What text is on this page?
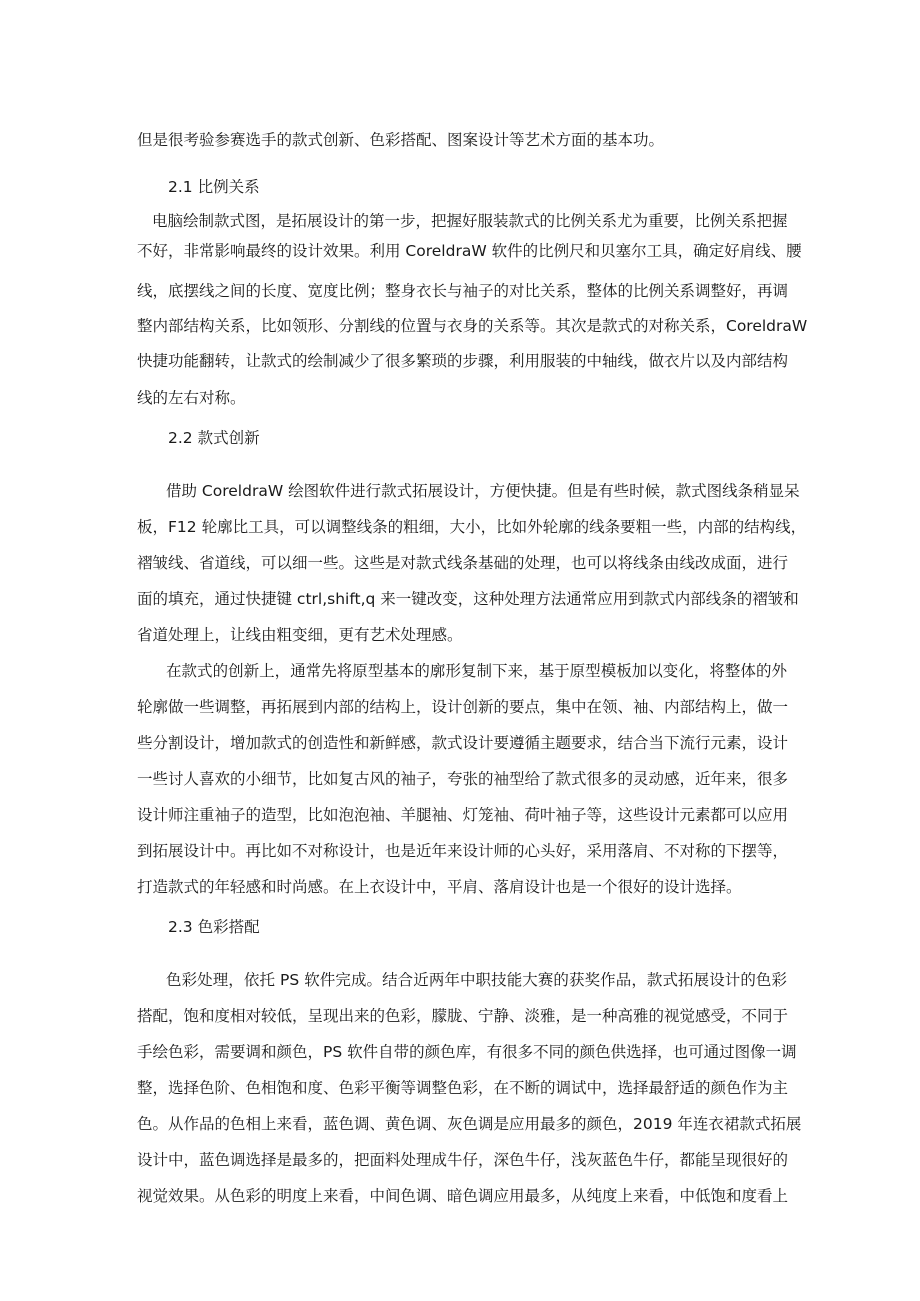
但是很考验参赛选手的款式创新、色彩搭配、图案设计等艺术方面的基本功。
2.1 比例关系
电脑绘制款式图，是拓展设计的第一步，把握好服装款式的比例关系尤为重要，比例关系把握
不好，非常影响最终的设计效果。利用 CoreldraW 软件的比例尺和贝塞尔工具，确定好肩线、腰
线，底摆线之间的长度、宽度比例；整身衣长与袖子的对比关系，整体的比例关系调整好，再调
整内部结构关系，比如领形、分割线的位置与衣身的关系等。其次是款式的对称关系，CoreldraW
快捷功能翻转，让款式的绘制减少了很多繁琐的步骤，利用服装的中轴线，做衣片以及内部结构
线的左右对称。
2.2 款式创新
借助 CoreldraW 绘图软件进行款式拓展设计，方便快捷。但是有些时候，款式图线条稍显呆
板，F12 轮廓比工具，可以调整线条的粗细，大小，比如外轮廓的线条要粗一些，内部的结构线，
褶皱线、省道线，可以细一些。这些是对款式线条基础的处理，也可以将线条由线改成面，进行
面的填充，通过快捷键 ctrl,shift,q 来一键改变，这种处理方法通常应用到款式内部线条的褶皱和
省道处理上，让线由粗变细，更有艺术处理感。
在款式的创新上，通常先将原型基本的廓形复制下来，基于原型模板加以变化，将整体的外
轮廓做一些调整，再拓展到内部的结构上，设计创新的要点，集中在领、袖、内部结构上，做一
些分割设计，增加款式的创造性和新鲜感，款式设计要遵循主题要求，结合当下流行元素，设计
一些讨人喜欢的小细节，比如复古风的袖子，夸张的袖型给了款式很多的灵动感，近年来，很多
设计师注重袖子的造型，比如泡泡袖、羊腿袖、灯笼袖、荷叶袖子等，这些设计元素都可以应用
到拓展设计中。再比如不对称设计，也是近年来设计师的心头好，采用落肩、不对称的下摆等，
打造款式的年轻感和时尚感。在上衣设计中，平肩、落肩设计也是一个很好的设计选择。
2.3 色彩搭配
色彩处理，依托 PS 软件完成。结合近两年中职技能大赛的获奖作品，款式拓展设计的色彩
搭配，饱和度相对较低，呈现出来的色彩，朦胧、宁静、淡雅，是一种高雅的视觉感受，不同于
手绘色彩，需要调和颜色，PS 软件自带的颜色库，有很多不同的颜色供选择，也可通过图像一调
整，选择色阶、色相饱和度、色彩平衡等调整色彩，在不断的调试中，选择最舒适的颜色作为主
色。从作品的色相上来看，蓝色调、黄色调、灰色调是应用最多的颜色，2019 年连衣裙款式拓展
设计中，蓝色调选择是最多的，把面料处理成牛仔，深色牛仔，浅灰蓝色牛仔，都能呈现很好的
视觉效果。从色彩的明度上来看，中间色调、暗色调应用最多，从纯度上来看，中低饱和度看上
